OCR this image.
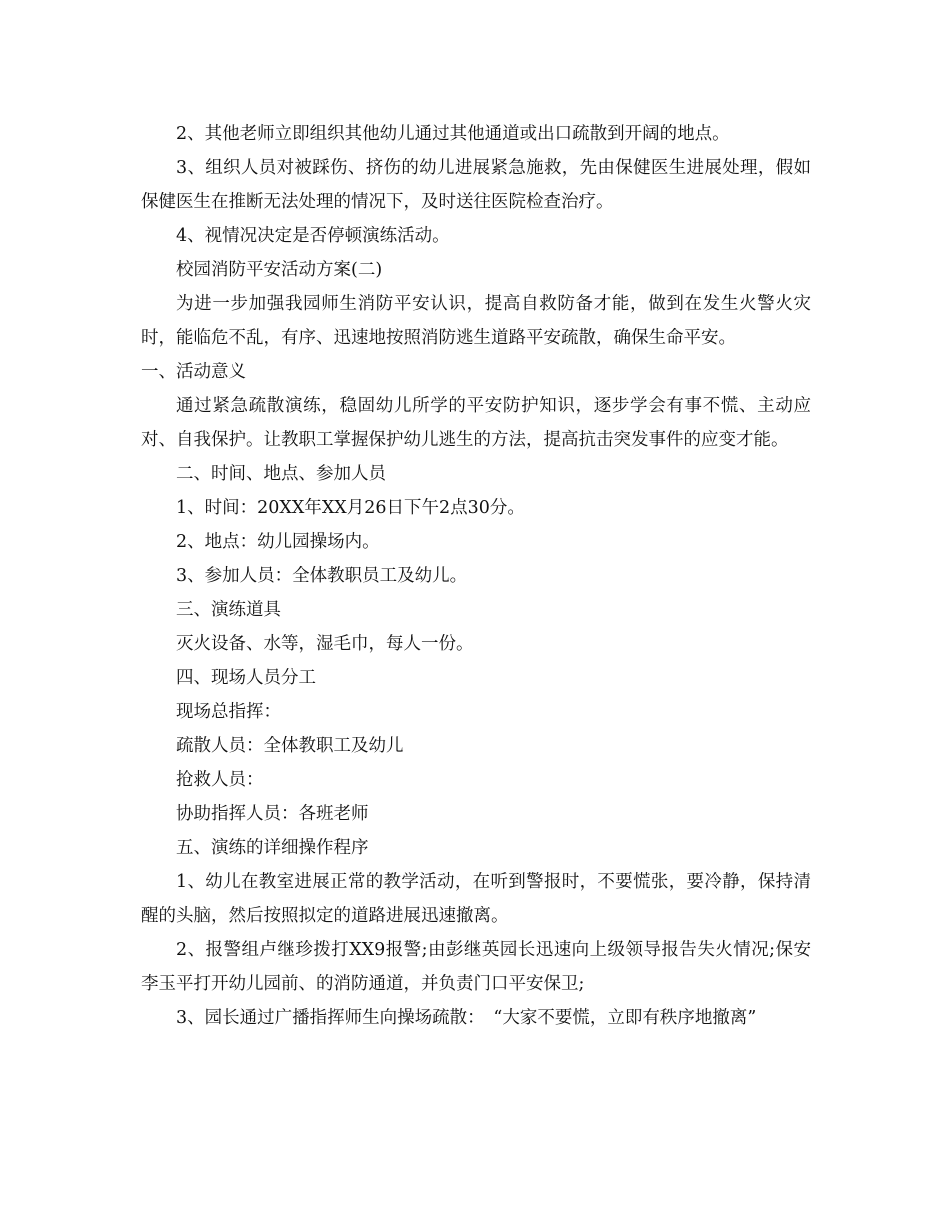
2、其他老师立即组织其他幼儿通过其他通道或出口疏散到开阔的地点。

3、组织人员对被踩伤、挤伤的幼儿进展紧急施救，先由保健医生进展处理，假如保健医生在推断无法处理的情况下，及时送往医院检查治疗。

4、视情况决定是否停顿演练活动。

校园消防平安活动方案(二)

为进一步加强我园师生消防平安认识，提高自救防备才能，做到在发生火警火灾时，能临危不乱，有序、迅速地按照消防逃生道路平安疏散，确保生命平安。

一、活动意义

通过紧急疏散演练，稳固幼儿所学的平安防护知识，逐步学会有事不慌、主动应对、自我保护。让教职工掌握保护幼儿逃生的方法，提高抗击突发事件的应变才能。

二、时间、地点、参加人员

1、时间：20XX年XX月26日下午2点30分。

2、地点：幼儿园操场内。

3、参加人员：全体教职员工及幼儿。

三、演练道具

灭火设备、水等，湿毛巾，每人一份。

四、现场人员分工

现场总指挥：

疏散人员：全体教职工及幼儿

抢救人员：

协助指挥人员：各班老师

五、演练的详细操作程序

1、幼儿在教室进展正常的教学活动，在听到警报时，不要慌张，要冷静，保持清醒的头脑，然后按照拟定的道路进展迅速撤离。

2、报警组卢继珍拨打XX9报警;由彭继英园长迅速向上级领导报告失火情况;保安李玉平打开幼儿园前、的消防通道，并负责门口平安保卫;

3、园长通过广播指挥师生向操场疏散：　“大家不要慌，立即有秩序地撤离”
